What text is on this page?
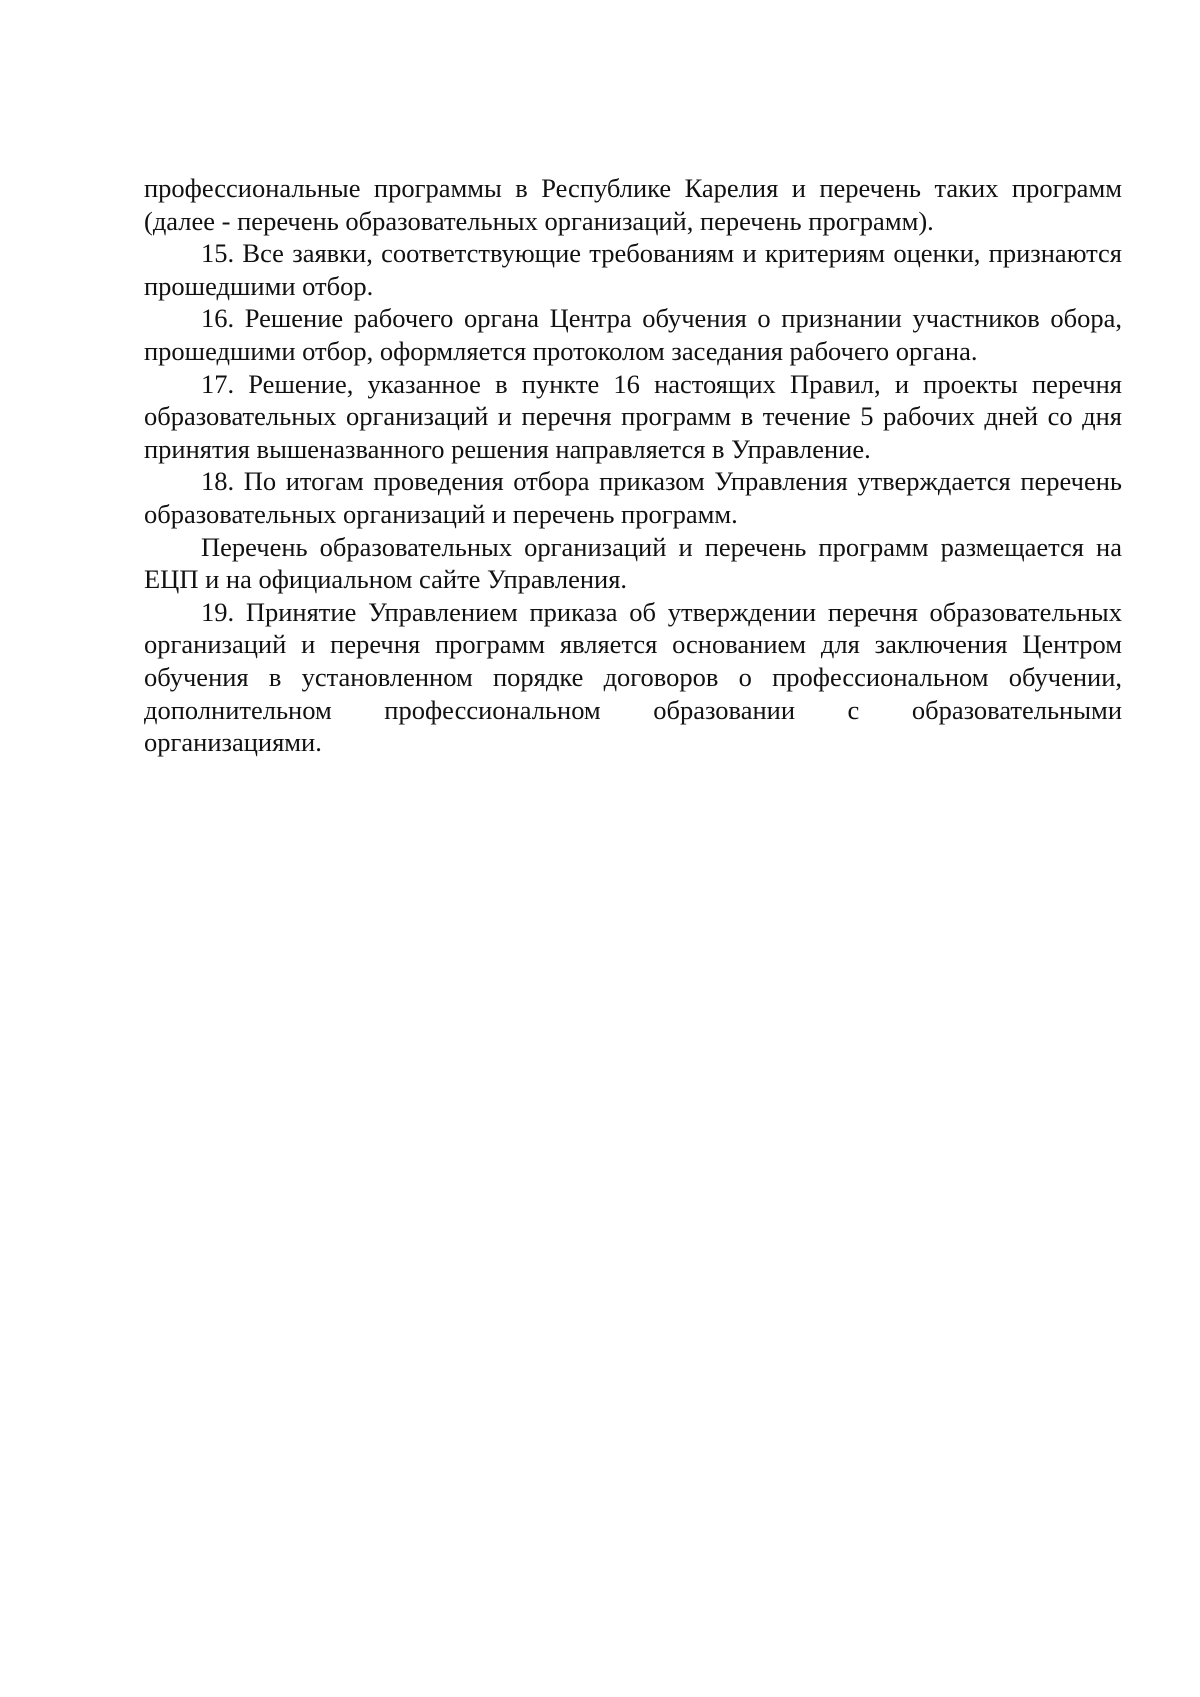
профессиональные программы в Республике Карелия и перечень таких программ (далее - перечень образовательных организаций, перечень программ).

15. Все заявки, соответствующие требованиям и критериям оценки, признаются прошедшими отбор.

16. Решение рабочего органа Центра обучения о признании участников обора, прошедшими отбор, оформляется протоколом заседания рабочего органа.

17. Решение, указанное в пункте 16 настоящих Правил, и проекты перечня образовательных организаций и перечня программ в течение 5 рабочих дней со дня принятия вышеназванного решения направляется в Управление.

18. По итогам проведения отбора приказом Управления утверждается перечень образовательных организаций и перечень программ.

Перечень образовательных организаций и перечень программ размещается на ЕЦП и на официальном сайте Управления.

19. Принятие Управлением приказа об утверждении перечня образовательных организаций и перечня программ является основанием для заключения Центром обучения в установленном порядке договоров о профессиональном обучении, дополнительном профессиональном образовании с образовательными организациями.
